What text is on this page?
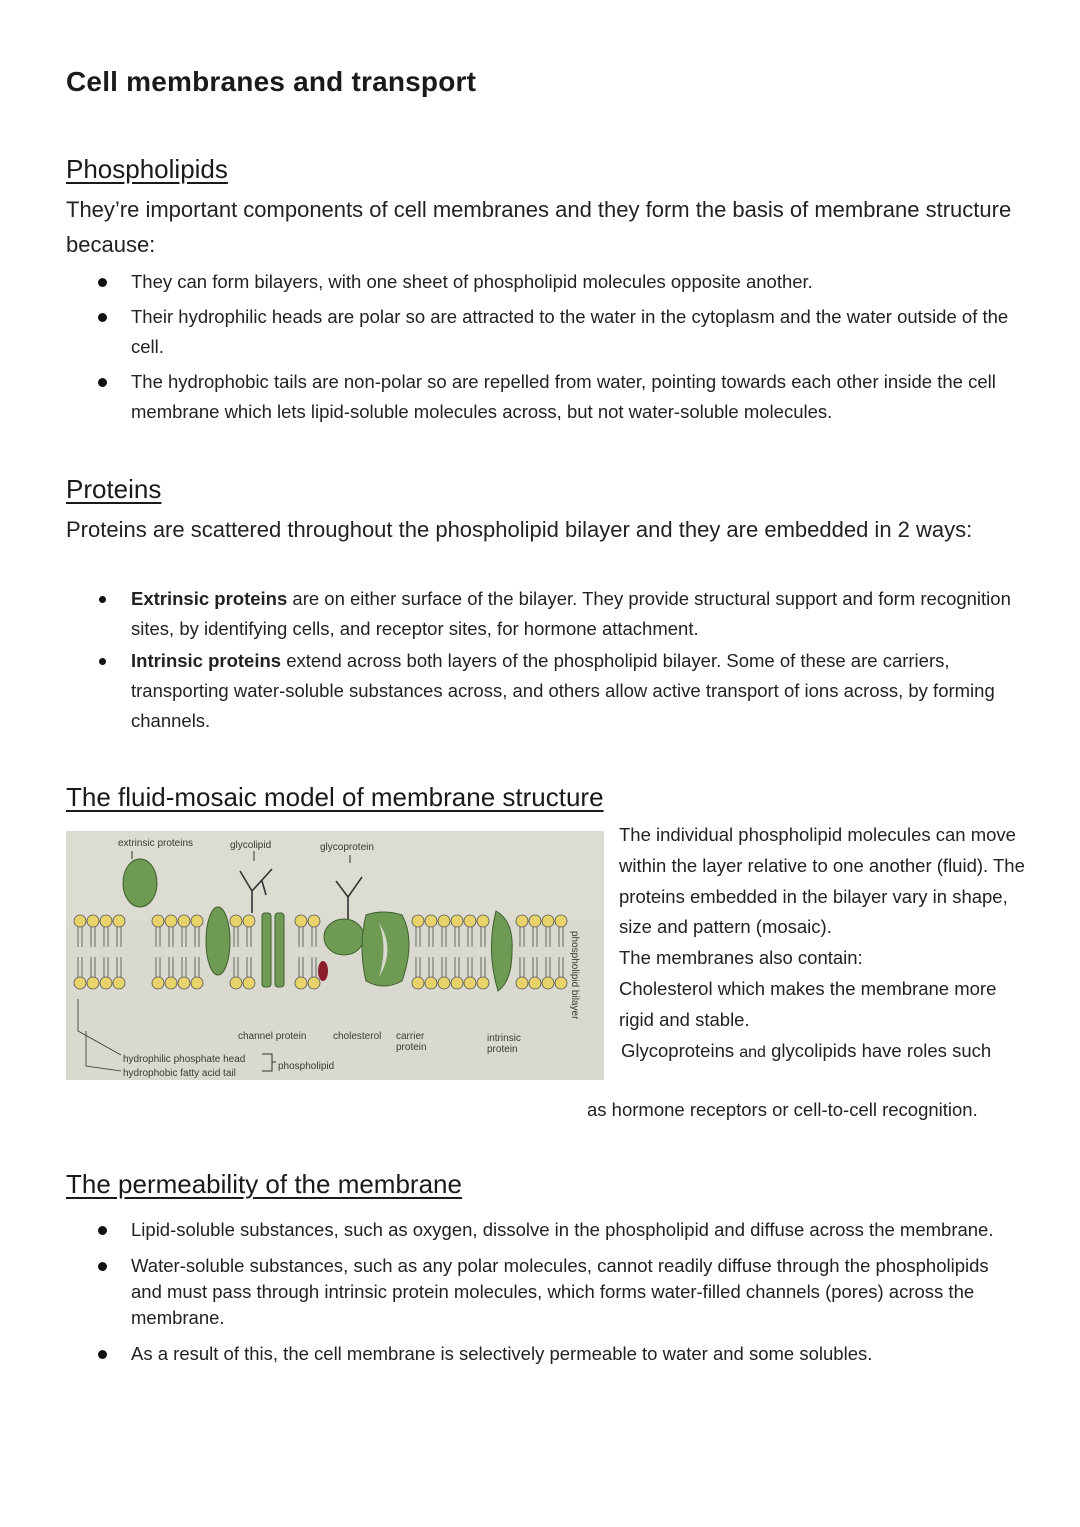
Cell membranes and transport
Phospholipids

They’re important components of cell membranes and they form the basis of membrane structure because:

They can form bilayers, with one sheet of phospholipid molecules opposite another.
Their hydrophilic heads are polar so are attracted to the water in the cytoplasm and the water outside of the cell.
The hydrophobic tails are non-polar so are repelled from water, pointing towards each other inside the cell membrane which lets lipid-soluble molecules across, but not water-soluble molecules.
Proteins

Proteins are scattered throughout the phospholipid bilayer and they are embedded in 2 ways:

Extrinsic proteins are on either surface of the bilayer. They provide structural support and form recognition sites, by identifying cells, and receptor sites, for hormone attachment.
Intrinsic proteins extend across both layers of the phospholipid bilayer. Some of these are carriers, transporting water-soluble substances across, and others allow active transport of ions across, by forming channels.
The fluid-mosaic model of membrane structure
extrinsic proteins	glycolipid	glycoprotein
channel protein	cholesterol carrier
protein
intrinsic
protein
hydrophilic phosphate head
hydrophobic fatty acid tail
phospholipid
phospholipid bilayer

The individual phospholipid molecules can move within the layer relative to one another (fluid). The proteins embedded in the bilayer vary in shape, size and pattern (mosaic).

The membranes also contain:

Cholesterol which makes the membrane more rigid and stable.

Glycoproteins and glycolipids have roles such

as hormone receptors or cell-to-cell recognition.

The permeability of the membrane
Lipid-soluble substances, such as oxygen, dissolve in the phospholipid and diffuse across the membrane.
Water-soluble substances, such as any polar molecules, cannot readily diffuse through the phospholipids and must pass through intrinsic protein molecules, which forms water-filled channels (pores) across the membrane.
As a result of this, the cell membrane is selectively permeable to water and some solubles.
